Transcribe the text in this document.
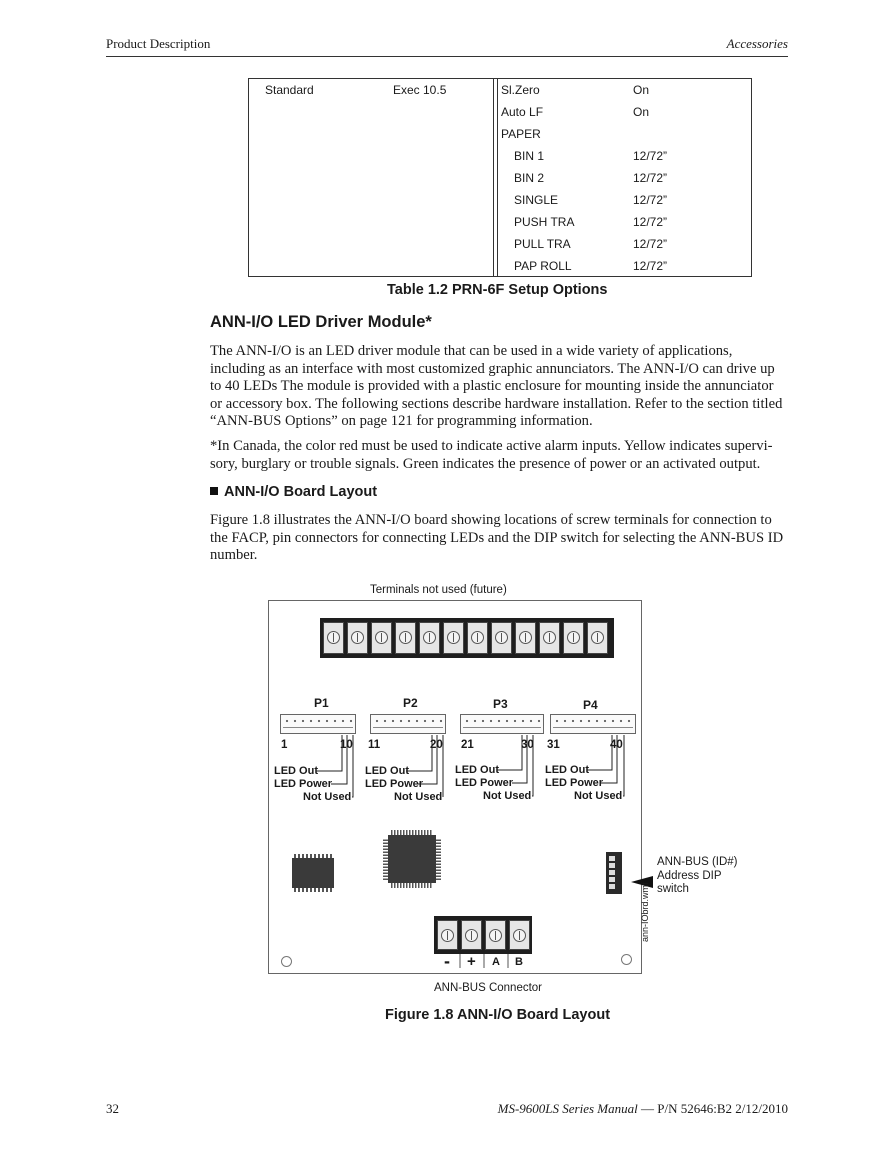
Product Description	Accessories
Standard	Exec 10.5	Sl.Zero	On
Auto LF	On
PAPER
BIN 1	12/72”
BIN 2	12/72”
SINGLE	12/72”
PUSH TRA	12/72”
PULL TRA	12/72”
PAP ROLL	12/72”
Table 1.2 PRN-6F Setup Options
ANN-I/O LED Driver Module*
The ANN-I/O is an LED driver module that can be used in a wide variety of applications, including as an interface with most customized graphic annunciators. The ANN-I/O can drive up to 40 LEDs The module is provided with a plastic enclosure for mounting inside the annunciator or accessory box. The following sections describe hardware installation. Refer to the section titled “ANN-BUS Options” on page 121 for programming information.
*In Canada, the color red must be used to indicate active alarm inputs. Yellow indicates supervi-sory, burglary or trouble signals. Green indicates the presence of power or an activated output.
ANN-I/O Board Layout
Figure 1.8 illustrates the ANN-I/O board showing locations of screw terminals for connection to the FACP, pin connectors for connecting LEDs and the DIP switch for selecting the ANN-BUS ID number.
Terminals not used (future)
P1
1	10
LED Out
LED Power
Not Used
P2
11	20
LED Out
LED Power
Not Used
P3
21	30
LED Out
LED Power
Not Used
P4
31	40
LED Out
LED Power
Not Used
ANN-BUS (ID#)
Address DIP
switch
- + A B
ann-IObrd.wmf
ANN-BUS Connector
Figure 1.8 ANN-I/O Board Layout
32	MS-9600LS Series Manual — P/N 52646:B2 2/12/2010
